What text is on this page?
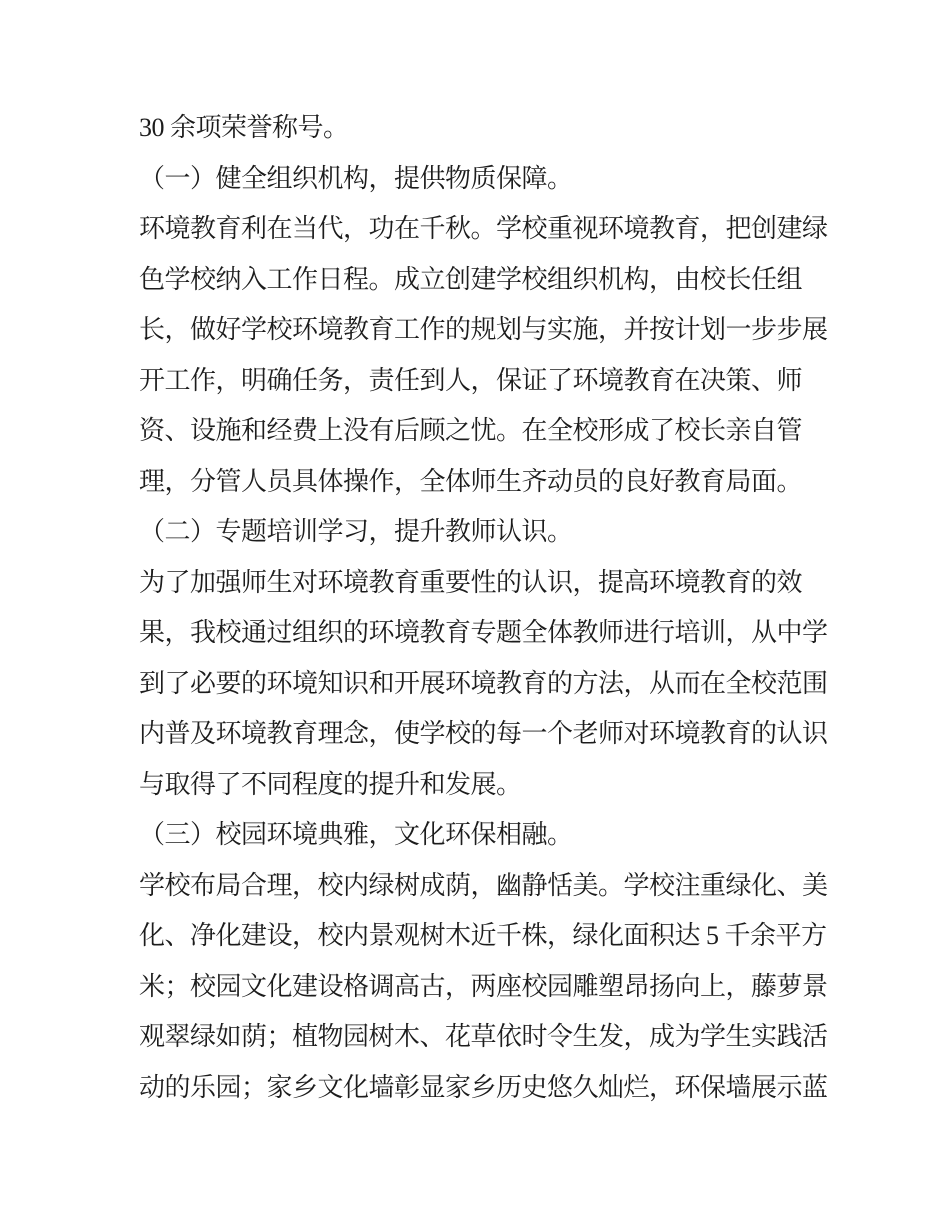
30 余项荣誉称号。

（一）健全组织机构，提供物质保障。

环境教育利在当代，功在千秋。学校重视环境教育，把创建绿

色学校纳入工作日程。成立创建学校组织机构，由校长任组

长，做好学校环境教育工作的规划与实施，并按计划一步步展

开工作，明确任务，责任到人，保证了环境教育在决策、师

资、设施和经费上没有后顾之忧。在全校形成了校长亲自管

理，分管人员具体操作，全体师生齐动员的良好教育局面。

（二）专题培训学习，提升教师认识。

为了加强师生对环境教育重要性的认识，提高环境教育的效

果，我校通过组织的环境教育专题全体教师进行培训，从中学

到了必要的环境知识和开展环境教育的方法，从而在全校范围

内普及环境教育理念，使学校的每一个老师对环境教育的认识

与取得了不同程度的提升和发展。

（三）校园环境典雅，文化环保相融。

学校布局合理，校内绿树成荫，幽静恬美。学校注重绿化、美

化、净化建设，校内景观树木近千株，绿化面积达 5 千余平方

米；校园文化建设格调高古，两座校园雕塑昂扬向上，藤萝景

观翠绿如荫；植物园树木、花草依时令生发，成为学生实践活

动的乐园；家乡文化墙彰显家乡历史悠久灿烂，环保墙展示蓝
